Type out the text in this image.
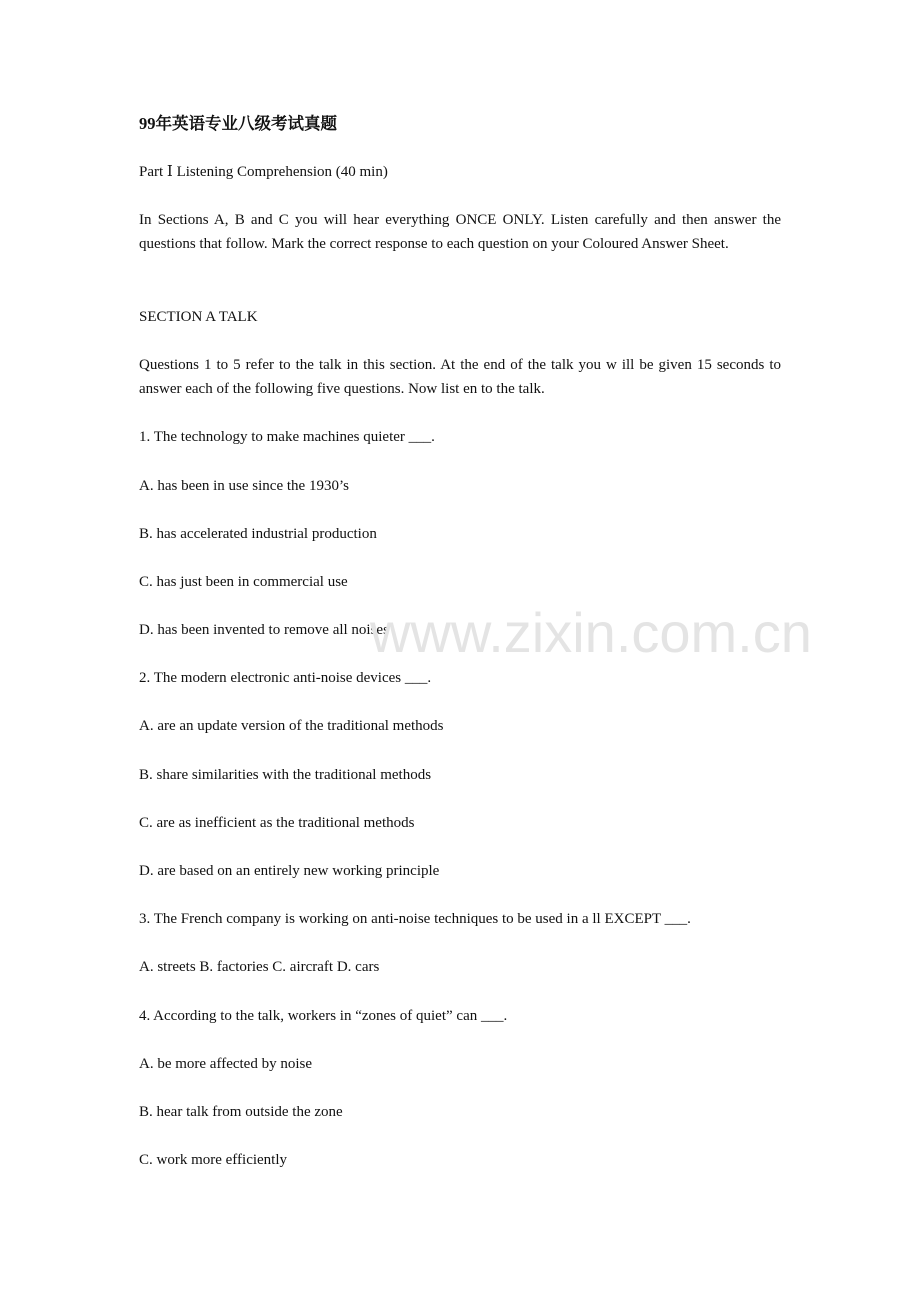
99年英语专业八级考试真题
Part Ⅰ Listening Comprehension (40 min)
In Sections A, B and C you will hear everything ONCE ONLY. Listen carefully and then answer the questions that follow. Mark the correct response to each question on your Coloured Answer Sheet.
SECTION A TALK
Questions 1 to 5 refer to the talk in this section. At the end of the talk you w ill be given 15 seconds to answer each of the following five questions. Now list en to the talk.
1. The technology to make machines quieter ___.
A. has been in use since the 1930’s
B. has accelerated industrial production
C. has just been in commercial use
D. has been invented to remove all noises
2. The modern electronic anti-noise devices ___.
A. are an update version of the traditional methods
B. share similarities with the traditional methods
C. are as inefficient as the traditional methods
D. are based on an entirely new working principle
3. The French company is working on anti-noise techniques to be used in a ll EXCEPT ___.
A. streets B. factories C. aircraft D. cars
4. According to the talk, workers in “zones of quiet” can ___.
A. be more affected by noise
B. hear talk from outside the zone
C. work more efficiently
www.zixin.com.cn
